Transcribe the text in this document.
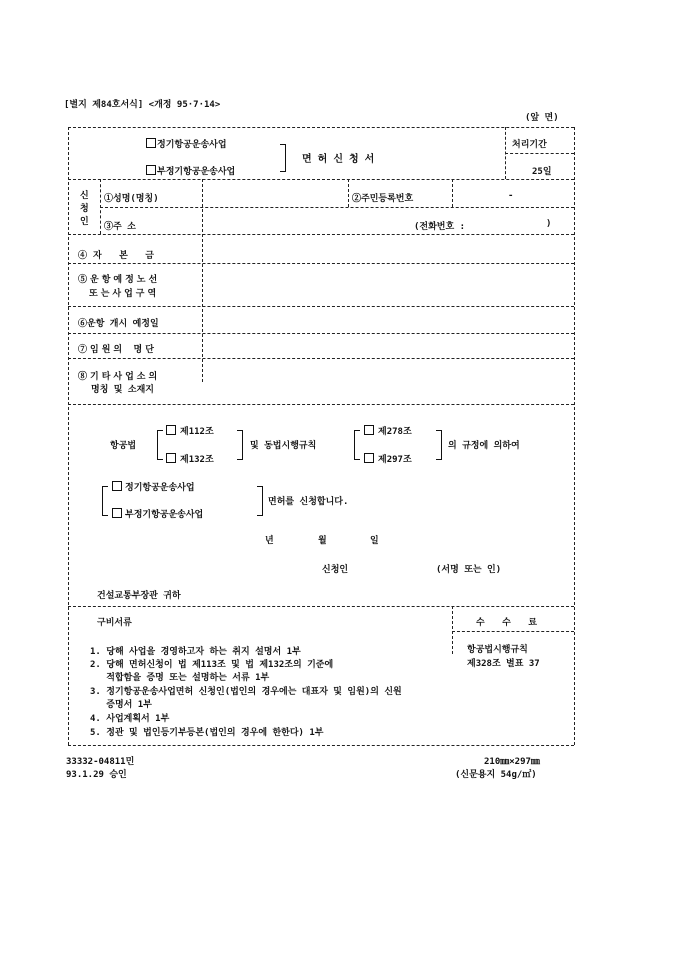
[별지 제84호서식] <개정 95·7·14>
(앞 면)
정기항공운송사업
부정기항공운송사업
면허신청서
처리기간
25일
신청인
①성명(명칭)	②주민등록번호	-
③주 소	(전화번호 :	)
④자 본 금
⑤운항예정노선
또는사업구역
⑥운항 개시 예정일
⑦임원의 명단
⑧기타사업소의
명칭 및 소재지
항공법
제112조
제132조
및 동법시행규칙
제278조
제297조
의 규정에 의하여
정기항공운송사업
부정기항공운송사업
면허를 신청합니다.
년	월	일
신청인	(서명 또는 인)
건설교통부장관 귀하
구비서류	수 수 료
항공법시행규칙
제328조 별표 37
1. 당해 사업을 경영하고자 하는 취지 설명서 1부
2. 당해 면허신청이 법 제113조 및 법 제132조의 기준에
적합함을 증명 또는 설명하는 서류 1부
3. 정기항공운송사업면허 신청인(법인의 경우에는 대표자 및 임원)의 신원
증명서 1부
4. 사업계획서 1부
5. 정관 및 법인등기부등본(법인의 경우에 한한다) 1부
33332-04811민
93.1.29 승인
210㎜×297㎜
(신문용지 54g/㎡)
